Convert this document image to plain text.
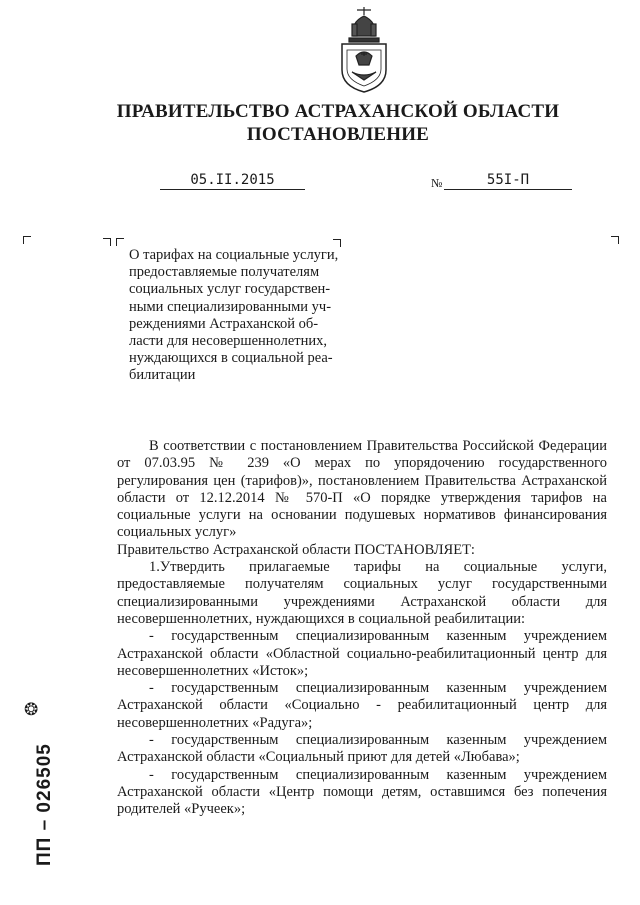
ПРАВИТЕЛЬСТВО АСТРАХАНСКОЙ ОБЛАСТИ
ПОСТАНОВЛЕНИЕ
05.II.2015	№	55I-П
О тарифах на социальные услуги,
предоставляемые получателям
социальных услуг государствен-
ными специализированными уч-
реждениями Астраханской об-
ласти для несовершеннолетних,
нуждающихся в социальной реа-
билитации

В соответствии с постановлением Правительства Российской Федерации от 07.03.95 № 239 «О мерах по упорядочению государственного регулирования цен (тарифов)», постановлением Правительства Астраханской области от 12.12.2014 № 570-П «О порядке утверждения тарифов на социальные услуги на основании подушевых нормативов финансирования социальных услуг»

Правительство Астраханской области ПОСТАНОВЛЯЕТ:

1.Утвердить прилагаемые тарифы на социальные услуги, предоставляемые получателям социальных услуг государственными специализированными учреждениями Астраханской области для несовершеннолетних, нуждающихся в социальной реабилитации:

- государственным специализированным казенным учреждением Астраханской области «Областной социально-реабилитационный центр для несовершеннолетних «Исток»;

- государственным специализированным казенным учреждением Астраханской области «Социально - реабилитационный центр для несовершеннолетних «Радуга»;

- государственным специализированным казенным учреждением Астраханской области «Социальный приют для детей «Любава»;

- государственным специализированным казенным учреждением Астраханской области «Центр помощи детям, оставшимся без попечения родителей «Ручеек»;

❂
ПП – 026505
